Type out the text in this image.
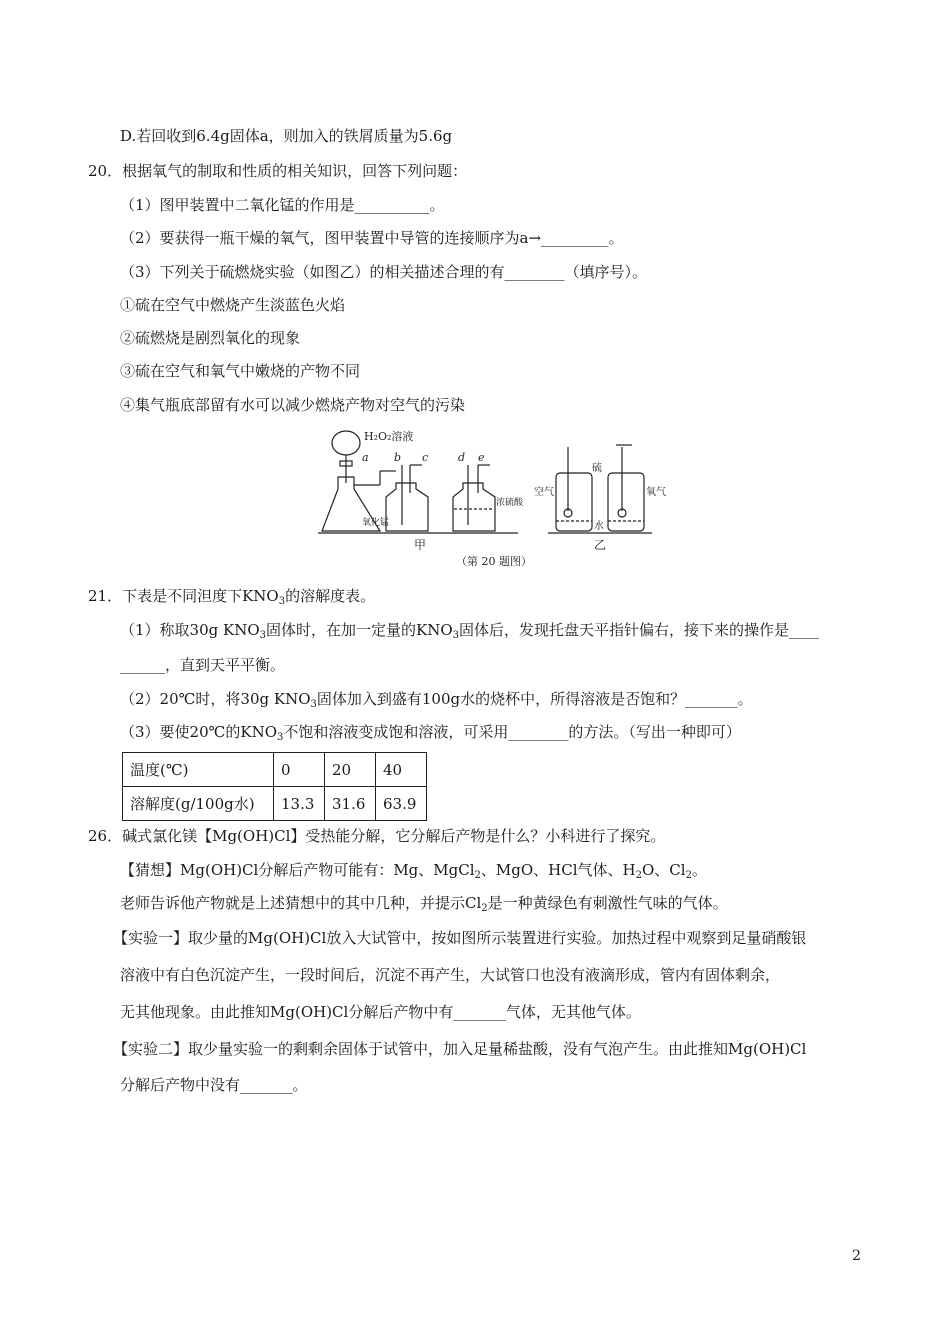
D.若回收到6.4g固体a，则加入的铁屑质量为5.6g
20．根据氧气的制取和性质的相关知识，回答下列问题：
（1）图甲装置中二氧化锰的作用是__________。
（2）要获得一瓶干燥的氧气，图甲装置中导管的连接顺序为a→_________。
（3）下列关于硫燃烧实验（如图乙）的相关描述合理的有________（填序号）。
①硫在空气中燃烧产生淡蓝色火焰
②硫燃烧是剧烈氧化的现象
③硫在空气和氧气中嫩烧的产物不同
④集气瓶底部留有水可以减少燃烧产物对空气的污染
H₂O₂溶液
a b c	d e
氧化锰
浓硫酸
甲
空气
硫
氧气
水
乙
（第 20 题图）
21．下表是不同泹度下$KNO_3$的溶解度表。
（1）称取30g $KNO_3$固体时，在加一定量的$KNO_3$固体后，发现托盘天平指针偏右，接下来的操作是____
______，直到天平平衡。
（2）20℃时，将30g $KNO_3$固体加入到盛有100g水的烧杯中，所得溶液是否饱和？_______。
（3）要使20℃的$KNO_3$不饱和溶液变成饱和溶液，可采用________的方法。（写出一种即可）
温度(℃)	0	20	40
溶解度(g/100g水)	13.3	31.6	63.9
26．碱式氯化镁【Mg(OH)Cl】受热能分解，它分解后产物是什么？小科进行了探究。
【猜想】Mg(OH)Cl分解后产物可能有：Mg、MgCl$_2$、MgO、HCl气体、$H_2O$、$Cl_2$。
老师告诉他产物就是上述猜想中的其中几种，并提示$Cl_2$是一种黄绿色有刺激性气味的气体。
【实验一】取少量的Mg(OH)Cl放入大试管中，按如图所示装置进行实验。加热过程中观察到足量硝酸银
溶液中有白色沉淀产生，一段时间后，沉淀不再产生，大试管口也没有液滴形成，管内有固体剩余，
无其他现象。由此推知Mg(OH)Cl分解后产物中有_______气体，无其他气体。
【实验二】取少量实验一的剩剩余固体于试管中，加入足量稀盐酸，没有气泡产生。由此推知Mg(OH)Cl
分解后产物中没有_______。
2
